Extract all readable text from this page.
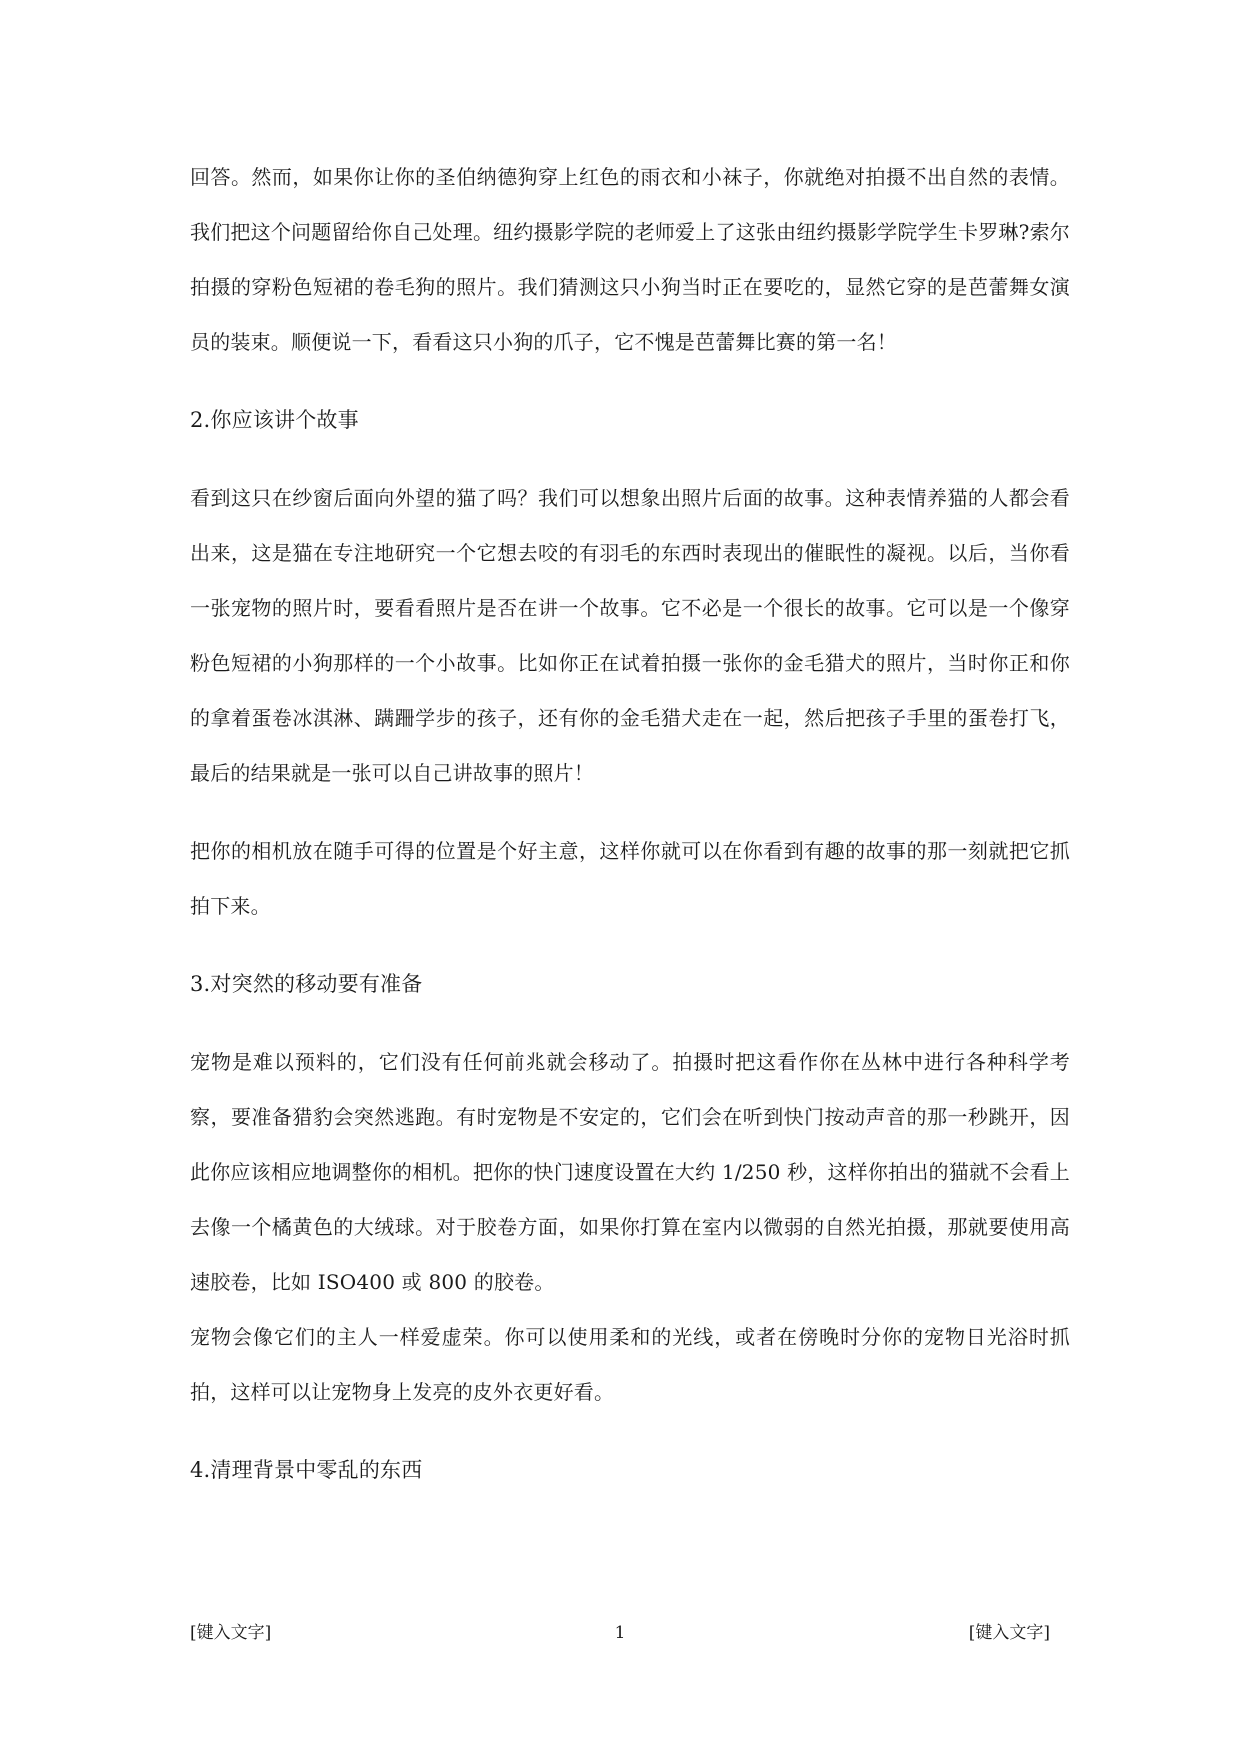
回答。然而，如果你让你的圣伯纳德狗穿上红色的雨衣和小袜子，你就绝对拍摄不出自然的表情。我们把这个问题留给你自己处理。纽约摄影学院的老师爱上了这张由纽约摄影学院学生卡罗琳?索尔拍摄的穿粉色短裙的卷毛狗的照片。我们猜测这只小狗当时正在要吃的，显然它穿的是芭蕾舞女演员的装束。顺便说一下，看看这只小狗的爪子，它不愧是芭蕾舞比赛的第一名！

2.你应该讲个故事

看到这只在纱窗后面向外望的猫了吗？我们可以想象出照片后面的故事。这种表情养猫的人都会看出来，这是猫在专注地研究一个它想去咬的有羽毛的东西时表现出的催眠性的凝视。以后，当你看一张宠物的照片时，要看看照片是否在讲一个故事。它不必是一个很长的故事。它可以是一个像穿粉色短裙的小狗那样的一个小故事。比如你正在试着拍摄一张你的金毛猎犬的照片，当时你正和你的拿着蛋卷冰淇淋、蹒跚学步的孩子，还有你的金毛猎犬走在一起，然后把孩子手里的蛋卷打飞，最后的结果就是一张可以自己讲故事的照片！

把你的相机放在随手可得的位置是个好主意，这样你就可以在你看到有趣的故事的那一刻就把它抓拍下来。

3.对突然的移动要有准备

宠物是难以预料的，它们没有任何前兆就会移动了。拍摄时把这看作你在丛林中进行各种科学考察，要准备猎豹会突然逃跑。有时宠物是不安定的，它们会在听到快门按动声音的那一秒跳开，因此你应该相应地调整你的相机。把你的快门速度设置在大约 1/250 秒，这样你拍出的猫就不会看上去像一个橘黄色的大绒球。对于胶卷方面，如果你打算在室内以微弱的自然光拍摄，那就要使用高速胶卷，比如 ISO400 或 800 的胶卷。

宠物会像它们的主人一样爱虚荣。你可以使用柔和的光线，或者在傍晚时分你的宠物日光浴时抓拍，这样可以让宠物身上发亮的皮外衣更好看。

4.清理背景中零乱的东西

[键入文字]	1	[键入文字]
